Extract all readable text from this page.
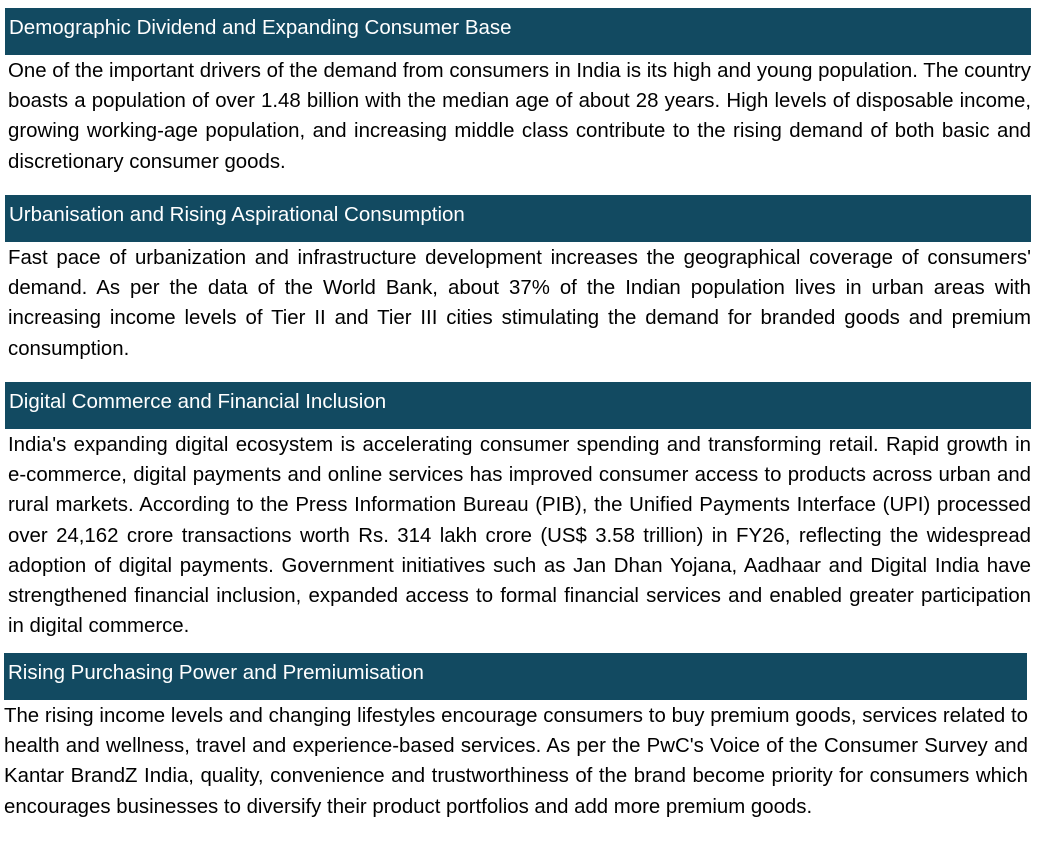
Demographic Dividend and Expanding Consumer Base

One of the important drivers of the demand from consumers in India is its high and young population. The country boasts a population of over 1.48 billion with the median age of about 28 years. High levels of disposable income, growing working-age population, and increasing middle class contribute to the rising demand of both basic and discretionary consumer goods.

Urbanisation and Rising Aspirational Consumption

Fast pace of urbanization and infrastructure development increases the geographical coverage of consumers' demand. As per the data of the World Bank, about 37% of the Indian population lives in urban areas with increasing income levels of Tier II and Tier III cities stimulating the demand for branded goods and premium consumption.

Digital Commerce and Financial Inclusion

India's expanding digital ecosystem is accelerating consumer spending and transforming retail. Rapid growth in e-commerce, digital payments and online services has improved consumer access to products across urban and rural markets. According to the Press Information Bureau (PIB), the Unified Payments Interface (UPI) processed over 24,162 crore transactions worth Rs. 314 lakh crore (US$ 3.58 trillion) in FY26, reflecting the widespread adoption of digital payments. Government initiatives such as Jan Dhan Yojana, Aadhaar and Digital India have strengthened financial inclusion, expanded access to formal financial services and enabled greater participation in digital commerce.

Rising Purchasing Power and Premiumisation

The rising income levels and changing lifestyles encourage consumers to buy premium goods, services related to health and wellness, travel and experience-based services. As per the PwC's Voice of the Consumer Survey and Kantar BrandZ India, quality, convenience and trustworthiness of the brand become priority for consumers which encourages businesses to diversify their product portfolios and add more premium goods.
